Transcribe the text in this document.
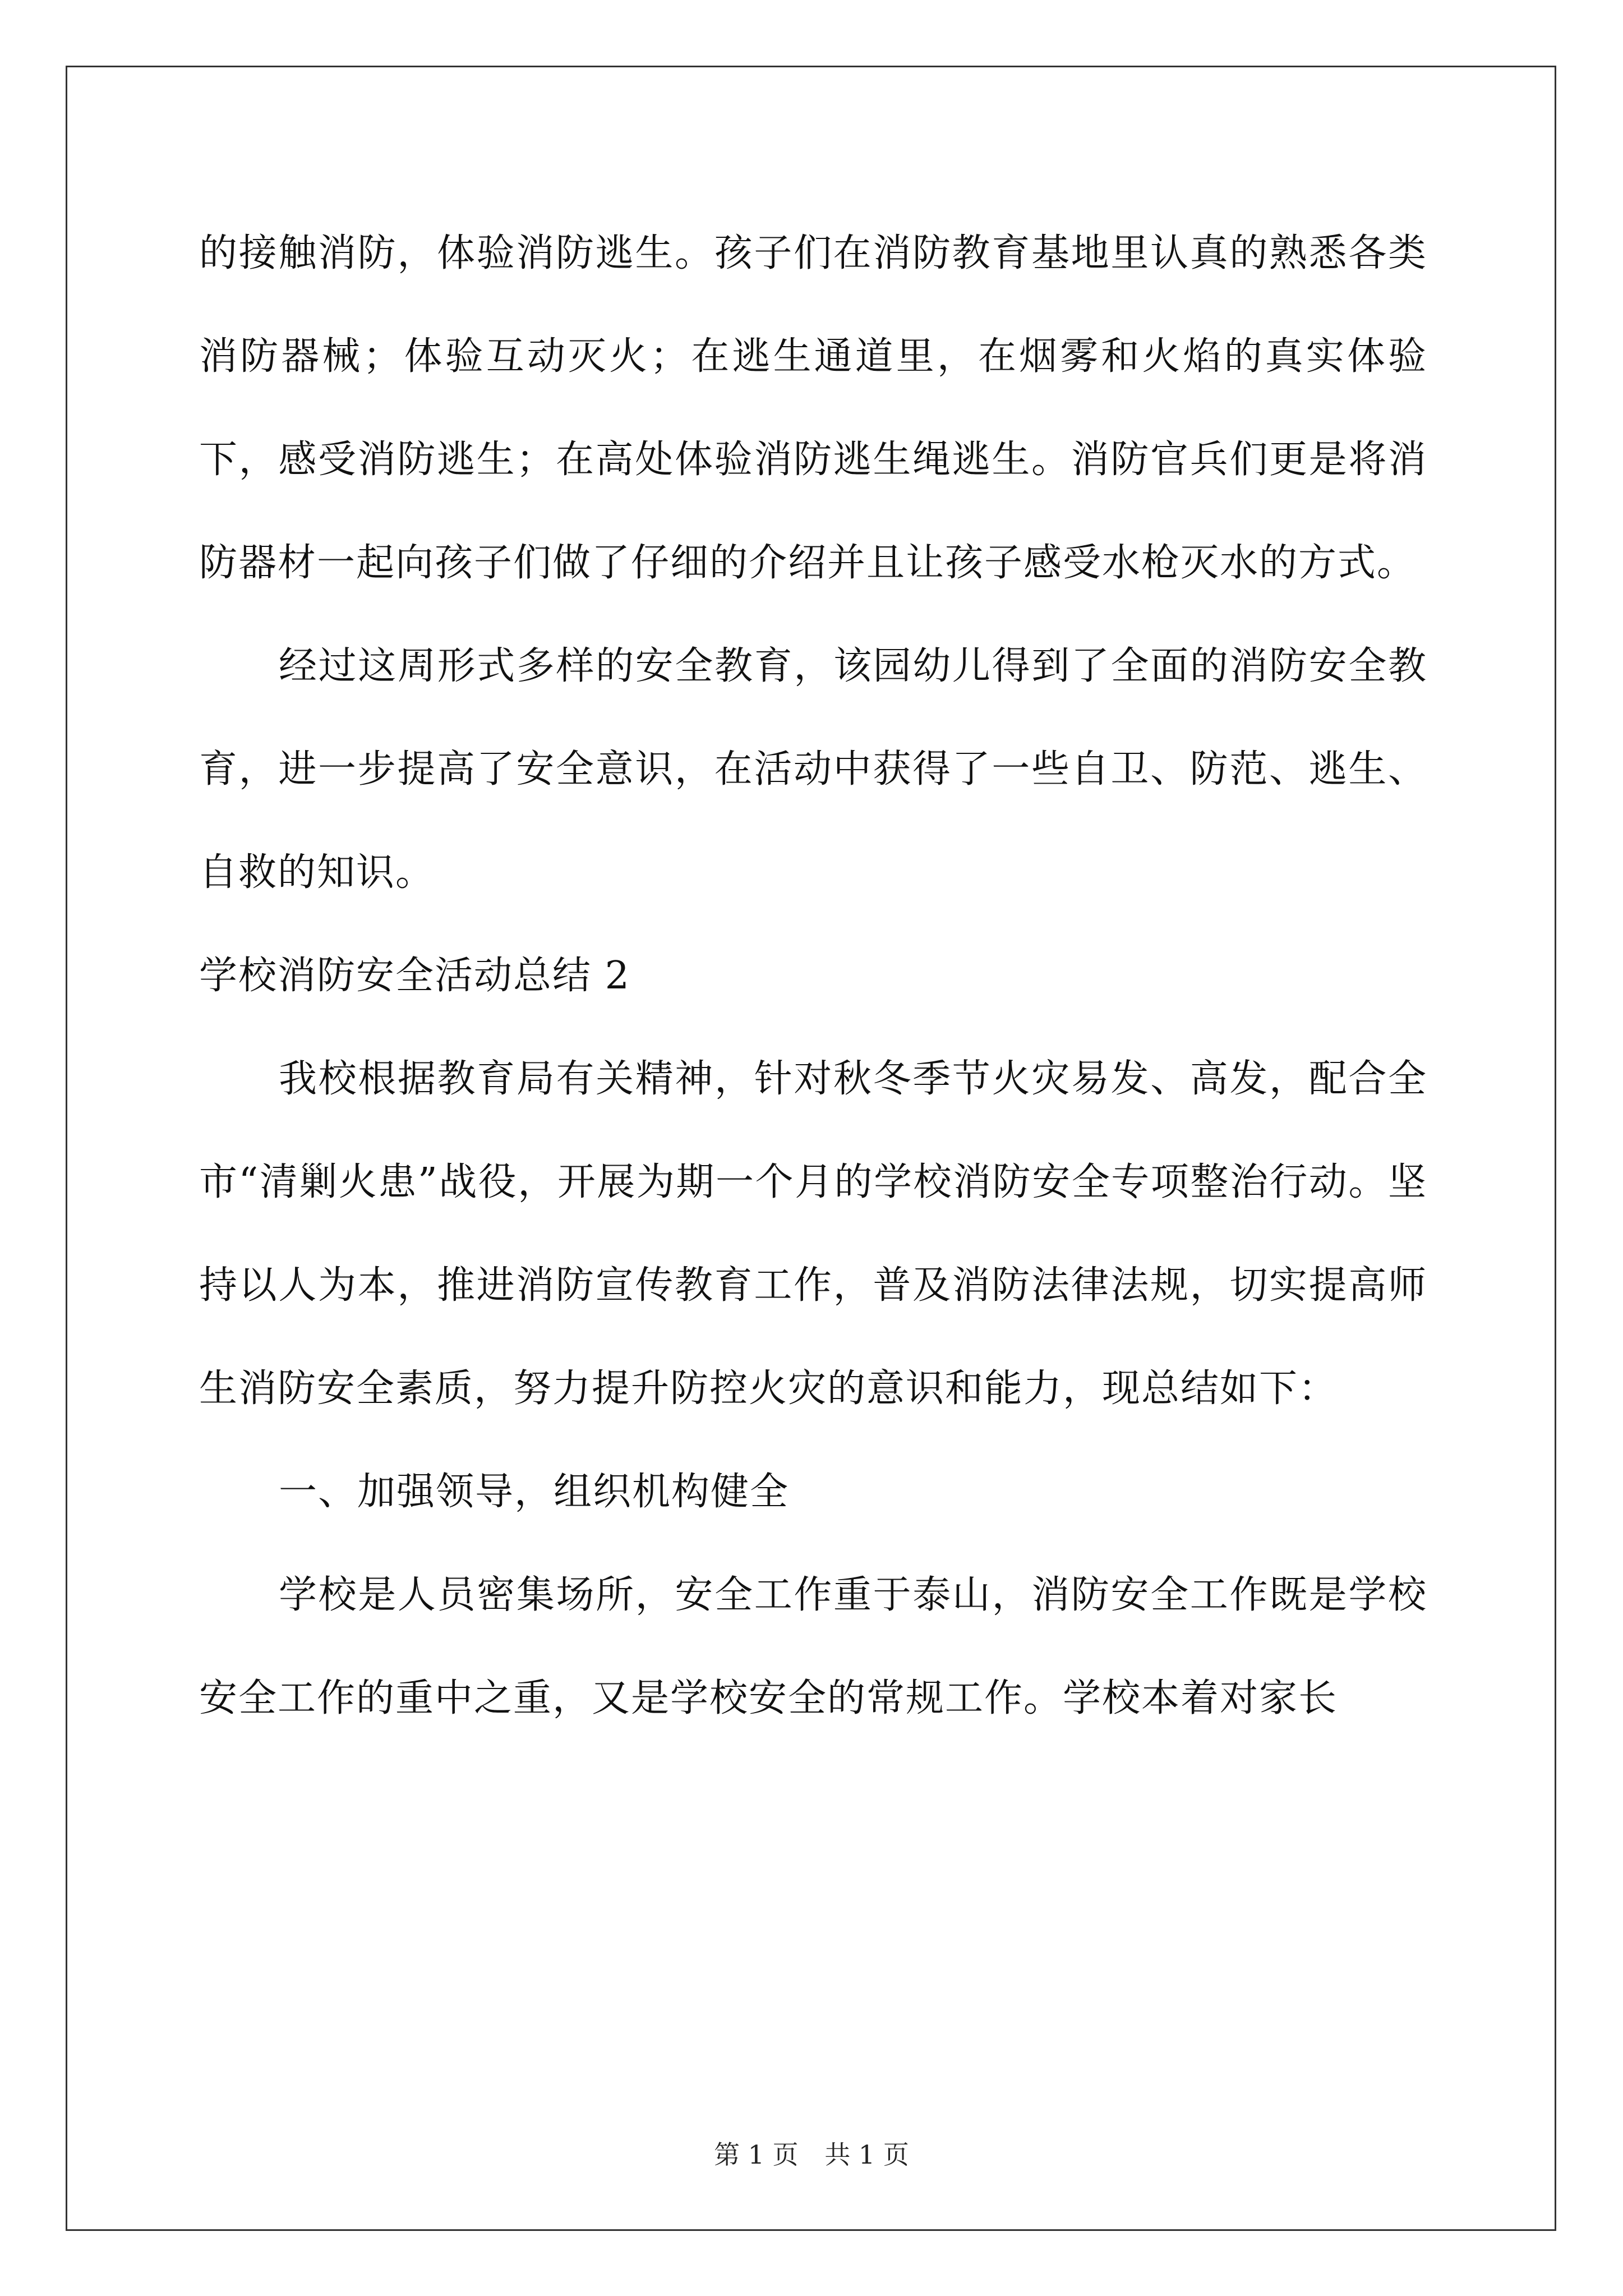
的接触消防，体验消防逃生。孩子们在消防教育基地里认真的熟悉各类消防器械；体验互动灭火；在逃生通道里，在烟雾和火焰的真实体验下，感受消防逃生；在高处体验消防逃生绳逃生。消防官兵们更是将消防器材一起向孩子们做了仔细的介绍并且让孩子感受水枪灭水的方式。

经过这周形式多样的安全教育，该园幼儿得到了全面的消防安全教育，进一步提高了安全意识，在活动中获得了一些自卫、防范、逃生、自救的知识。

学校消防安全活动总结 2

我校根据教育局有关精神，针对秋冬季节火灾易发、高发，配合全市“清剿火患”战役，开展为期一个月的学校消防安全专项整治行动。坚持以人为本，推进消防宣传教育工作，普及消防法律法规，切实提高师生消防安全素质，努力提升防控火灾的意识和能力，现总结如下：

一、加强领导，组织机构健全

学校是人员密集场所，安全工作重于泰山，消防安全工作既是学校安全工作的重中之重，又是学校安全的常规工作。学校本着对家长

第 1 页 共 1 页
